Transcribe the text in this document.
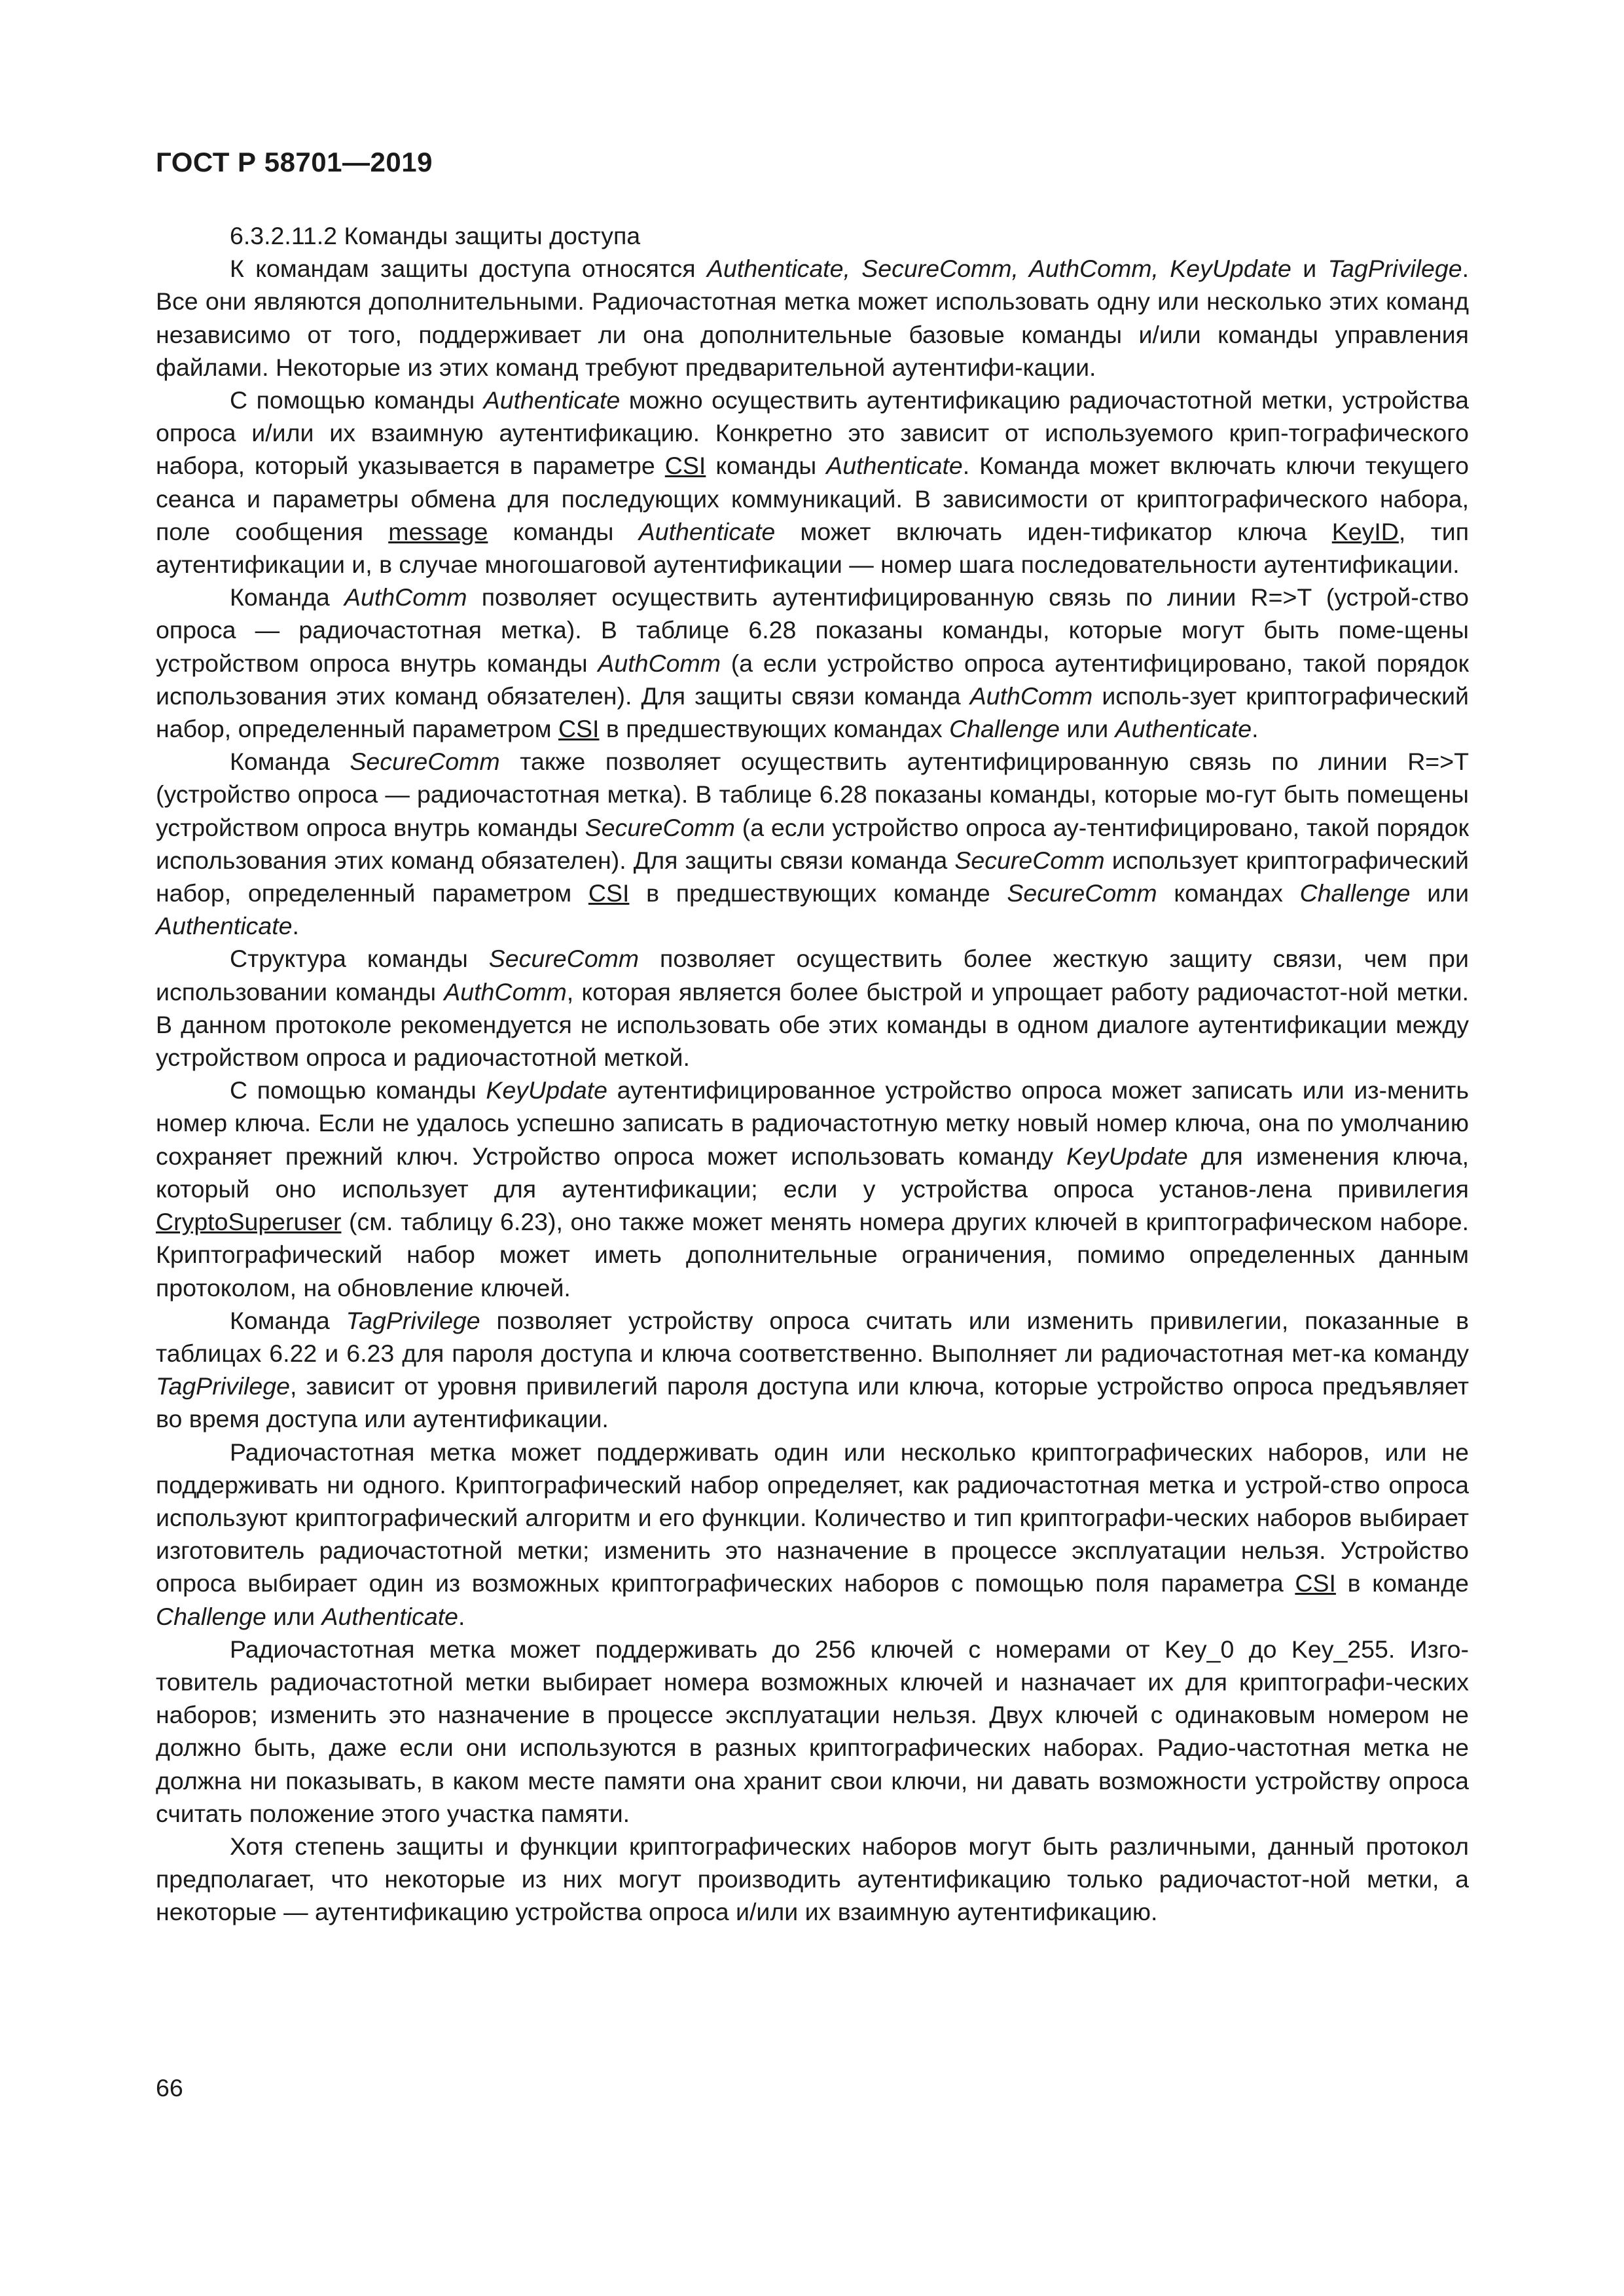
ГОСТ Р 58701—2019

6.3.2.11.2 Команды защиты доступа

К командам защиты доступа относятся Authenticate, SecureComm, AuthComm, KeyUpdate и TagPrivilege. Все они являются дополнительными. Радиочастотная метка может использовать одну или несколько этих команд независимо от того, поддерживает ли она дополнительные базовые команды и/или команды управления файлами. Некоторые из этих команд требуют предварительной аутентифи-кации.

С помощью команды Authenticate можно осуществить аутентификацию радиочастотной метки, устройства опроса и/или их взаимную аутентификацию. Конкретно это зависит от используемого крип-тографического набора, который указывается в параметре CSI команды Authenticate. Команда может включать ключи текущего сеанса и параметры обмена для последующих коммуникаций. В зависимости от криптографического набора, поле сообщения message команды Authenticate может включать иден-тификатор ключа KeyID, тип аутентификации и, в случае многошаговой аутентификации — номер шага последовательности аутентификации.

Команда AuthComm позволяет осуществить аутентифицированную связь по линии R=>T (устрой-ство опроса — радиочастотная метка). В таблице 6.28 показаны команды, которые могут быть поме-щены устройством опроса внутрь команды AuthComm (а если устройство опроса аутентифицировано, такой порядок использования этих команд обязателен). Для защиты связи команда AuthComm исполь-зует криптографический набор, определенный параметром CSI в предшествующих командах Challenge или Authenticate.

Команда SecureComm также позволяет осуществить аутентифицированную связь по линии R=>T (устройство опроса — радиочастотная метка). В таблице 6.28 показаны команды, которые мо-гут быть помещены устройством опроса внутрь команды SecureComm (а если устройство опроса ау-тентифицировано, такой порядок использования этих команд обязателен). Для защиты связи команда SecureComm использует криптографический набор, определенный параметром CSI в предшествующих команде SecureComm командах Challenge или Authenticate.

Структура команды SecureComm позволяет осуществить более жесткую защиту связи, чем при использовании команды AuthComm, которая является более быстрой и упрощает работу радиочастот-ной метки. В данном протоколе рекомендуется не использовать обе этих команды в одном диалоге аутентификации между устройством опроса и радиочастотной меткой.

С помощью команды KeyUpdate аутентифицированное устройство опроса может записать или из-менить номер ключа. Если не удалось успешно записать в радиочастотную метку новый номер ключа, она по умолчанию сохраняет прежний ключ. Устройство опроса может использовать команду KeyUpdate для изменения ключа, который оно использует для аутентификации; если у устройства опроса установ-лена привилегия CryptoSuperuser (см. таблицу 6.23), оно также может менять номера других ключей в криптографическом наборе. Криптографический набор может иметь дополнительные ограничения, помимо определенных данным протоколом, на обновление ключей.

Команда TagPrivilege позволяет устройству опроса считать или изменить привилегии, показанные в таблицах 6.22 и 6.23 для пароля доступа и ключа соответственно. Выполняет ли радиочастотная мет-ка команду TagPrivilege, зависит от уровня привилегий пароля доступа или ключа, которые устройство опроса предъявляет во время доступа или аутентификации.

Радиочастотная метка может поддерживать один или несколько криптографических наборов, или не поддерживать ни одного. Криптографический набор определяет, как радиочастотная метка и устрой-ство опроса используют криптографический алгоритм и его функции. Количество и тип криптографи-ческих наборов выбирает изготовитель радиочастотной метки; изменить это назначение в процессе эксплуатации нельзя. Устройство опроса выбирает один из возможных криптографических наборов с помощью поля параметра CSI в команде Challenge или Authenticate.

Радиочастотная метка может поддерживать до 256 ключей с номерами от Key_0 до Key_255. Изго-товитель радиочастотной метки выбирает номера возможных ключей и назначает их для криптографи-ческих наборов; изменить это назначение в процессе эксплуатации нельзя. Двух ключей с одинаковым номером не должно быть, даже если они используются в разных криптографических наборах. Радио-частотная метка не должна ни показывать, в каком месте памяти она хранит свои ключи, ни давать возможности устройству опроса считать положение этого участка памяти.

Хотя степень защиты и функции криптографических наборов могут быть различными, данный протокол предполагает, что некоторые из них могут производить аутентификацию только радиочастот-ной метки, а некоторые — аутентификацию устройства опроса и/или их взаимную аутентификацию.

66
